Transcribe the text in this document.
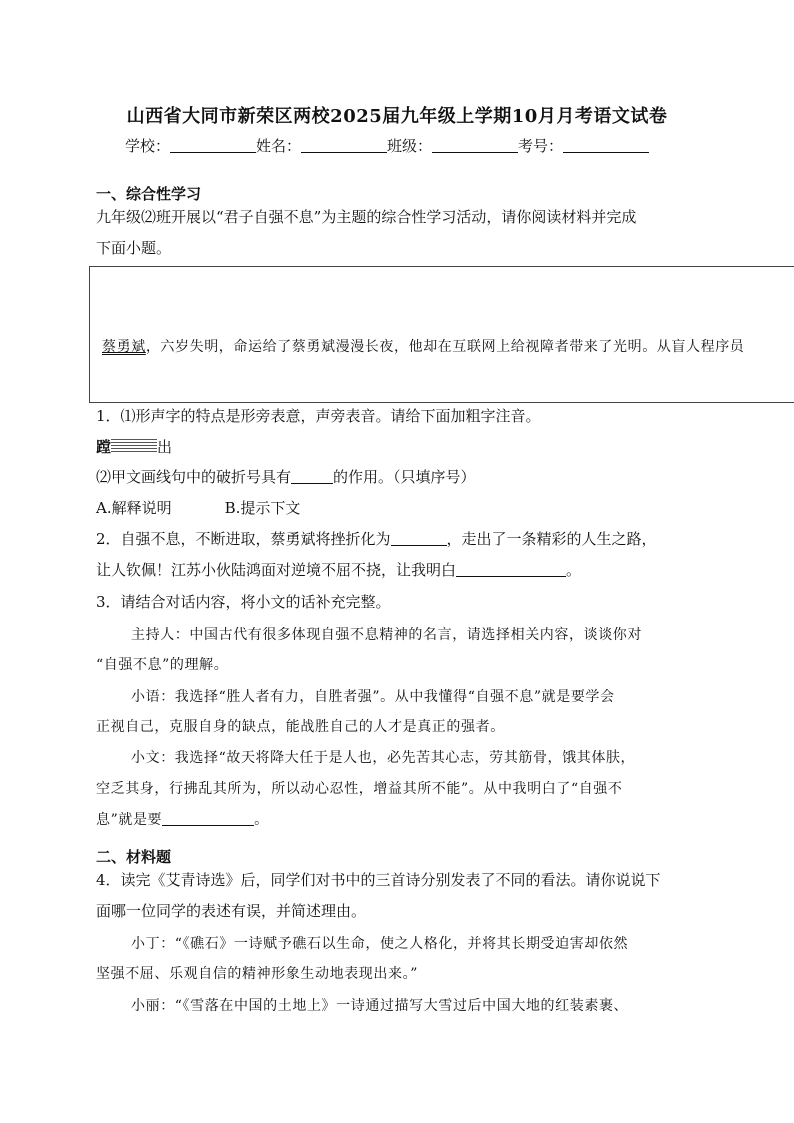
山西省大同市新荣区两校2025届九年级上学期10月月考语文试卷
学校：	姓名：	班级：	考号：
一、综合性学习
九年级⑵班开展以“君子自强不息”为主题的综合性学习活动，请你阅读材料并完成
下面小题。
蔡勇斌，六岁失明，命运给了蔡勇斌漫漫长夜，他却在互联网上给视障者带来了光明。从盲人程序员
1．⑴形声字的特点是形旁表意，声旁表音。请给下面加粗字注音。
蹚	出
⑵甲文画线句中的破折号具有	的作用。（只填序号）
A.解释说明	B.提示下文
2．自强不息，不断进取，蔡勇斌将挫折化为	，走出了一条精彩的人生之路，
让人钦佩！江苏小伙陆鸿面对逆境不屈不挠，让我明白	。
3．请结合对话内容，将小文的话补充完整。
主持人：中国古代有很多体现自强不息精神的名言，请选择相关内容，谈谈你对
“自强不息”的理解。
小语：我选择“胜人者有力，自胜者强”。从中我懂得“自强不息”就是要学会
正视自己，克服自身的缺点，能战胜自己的人才是真正的强者。
小文：我选择“故天将降大任于是人也，必先苦其心志，劳其筋骨，饿其体肤，
空乏其身，行拂乱其所为，所以动心忍性，增益其所不能”。从中我明白了“自强不
息”就是要	。
二、材料题
4．读完《艾青诗选》后，同学们对书中的三首诗分别发表了不同的看法。请你说说下
面哪一位同学的表述有误，并简述理由。
小丁：“《礁石》一诗赋予礁石以生命，使之人格化，并将其长期受迫害却依然
坚强不屈、乐观自信的精神形象生动地表现出来。”
小丽：“《雪落在中国的土地上》一诗通过描写大雪过后中国大地的红装素裹、
